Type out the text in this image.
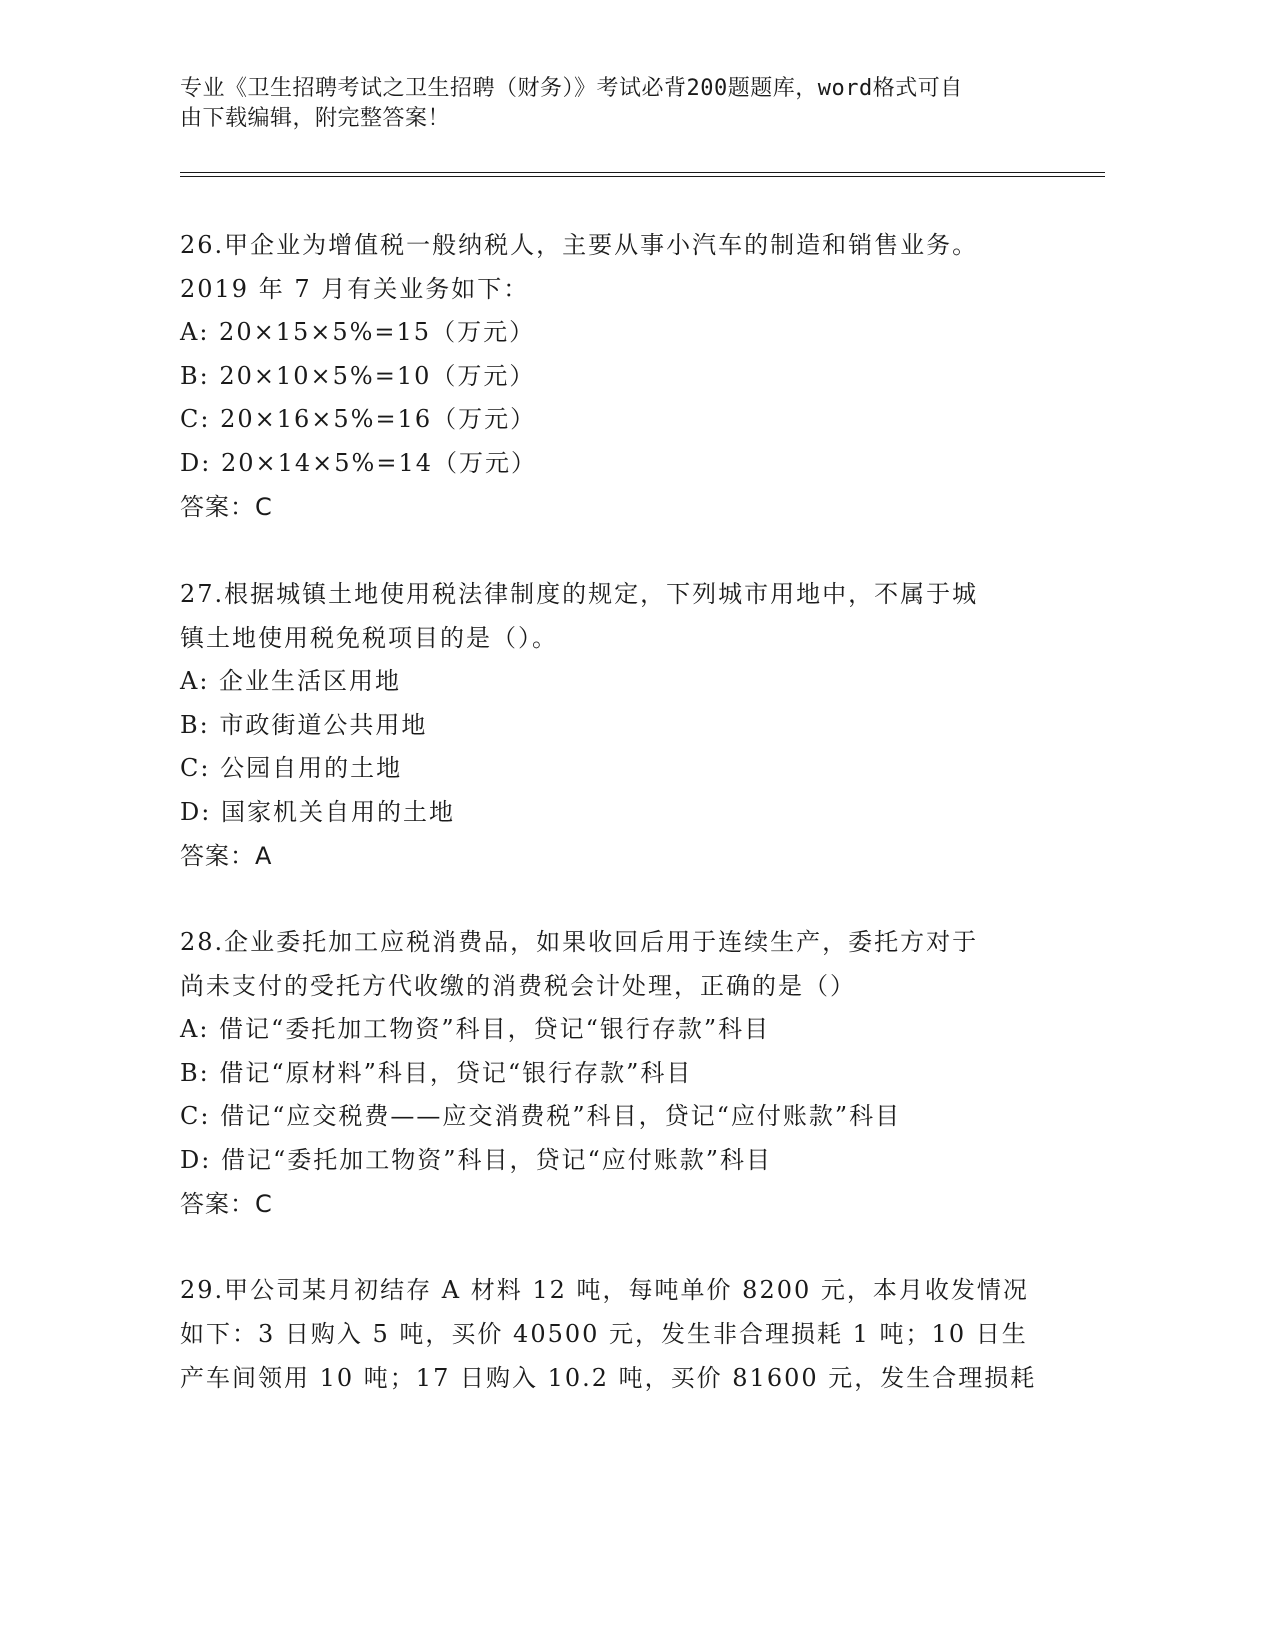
专业《卫生招聘考试之卫生招聘（财务）》考试必背200题题库，word格式可自
由下载编辑，附完整答案！
26.甲企业为增值税一般纳税人，主要从事小汽车的制造和销售业务。
2019 年 7 月有关业务如下：
A: 20×15×5%=15（万元）
B: 20×10×5%=10（万元）
C: 20×16×5%=16（万元）
D: 20×14×5%=14（万元）
答案：C
27.根据城镇土地使用税法律制度的规定，下列城市用地中，不属于城
镇土地使用税免税项目的是（）。
A: 企业生活区用地
B: 市政街道公共用地
C: 公园自用的土地
D: 国家机关自用的土地
答案：A
28.企业委托加工应税消费品，如果收回后用于连续生产，委托方对于
尚未支付的受托方代收缴的消费税会计处理，正确的是（）
A: 借记“委托加工物资”科目，贷记“银行存款”科目
B: 借记“原材料”科目，贷记“银行存款”科目
C: 借记“应交税费——应交消费税”科目，贷记“应付账款”科目
D: 借记“委托加工物资”科目，贷记“应付账款”科目
答案：C
29.甲公司某月初结存 A 材料 12 吨，每吨单价 8200 元，本月收发情况
如下：3 日购入 5 吨，买价 40500 元，发生非合理损耗 1 吨；10 日生
产车间领用 10 吨；17 日购入 10.2 吨，买价 81600 元，发生合理损耗
